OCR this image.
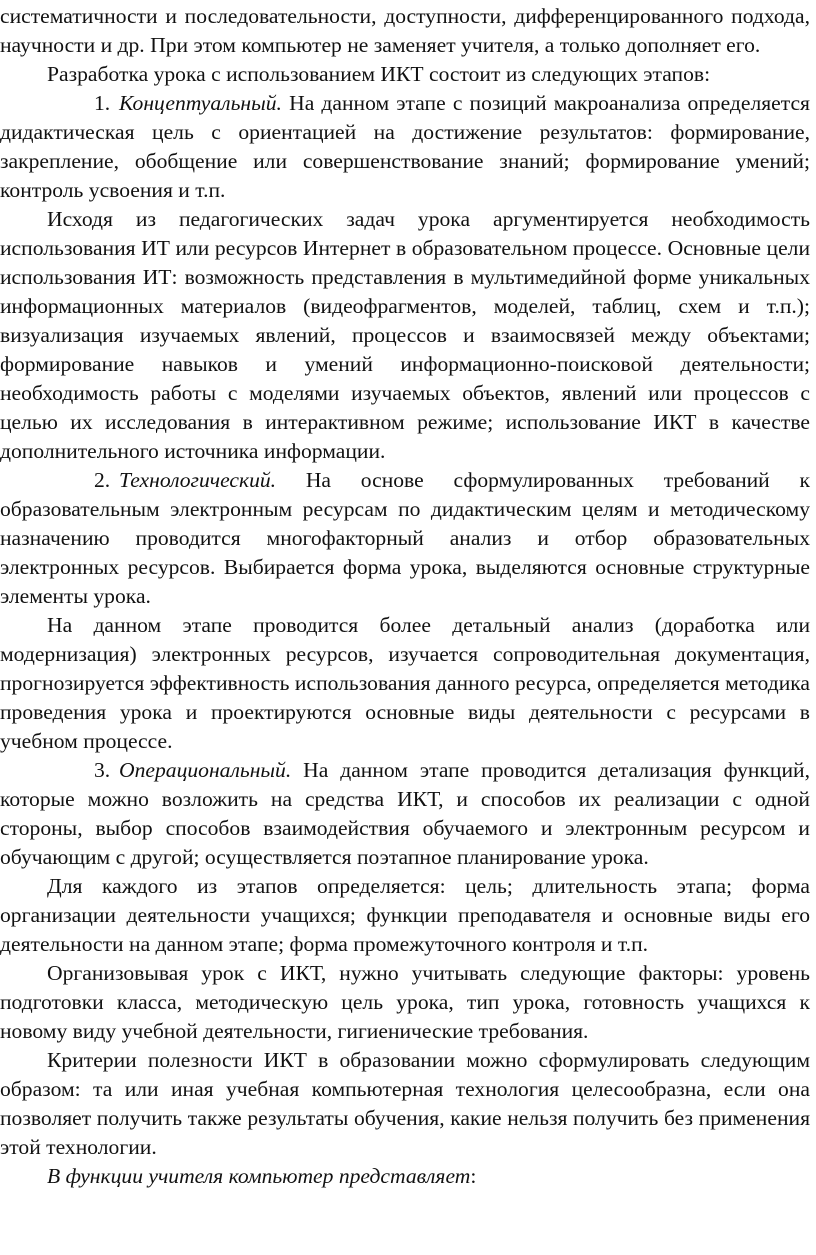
систематичности и последовательности, доступности, дифференцированного подхода, научности и др. При этом компьютер не заменяет учителя, а только дополняет его.

Разработка урока с использованием ИКТ состоит из следующих этапов:

1. Концептуальный. На данном этапе с позиций макроанализа определяется дидактическая цель с ориентацией на достижение результатов: формирование, закрепление, обобщение или совершенствование знаний; формирование умений; контроль усвоения и т.п.

Исходя из педагогических задач урока аргументируется необходимость использования ИТ или ресурсов Интернет в образовательном процессе. Основные цели использования ИТ: возможность представления в мультимедийной форме уникальных информационных материалов (видеофрагментов, моделей, таблиц, схем и т.п.); визуализация изучаемых явлений, процессов и взаимосвязей между объектами; формирование навыков и умений информационно-поисковой деятельности; необходимость работы с моделями изучаемых объектов, явлений или процессов с целью их исследования в интерактивном режиме; использование ИКТ в качестве дополнительного источника информации.

2. Технологический. На основе сформулированных требований к образовательным электронным ресурсам по дидактическим целям и методическому назначению проводится многофакторный анализ и отбор образовательных электронных ресурсов. Выбирается форма урока, выделяются основные структурные элементы урока.

На данном этапе проводится более детальный анализ (доработка или модернизация) электронных ресурсов, изучается сопроводительная документация, прогнозируется эффективность использования данного ресурса, определяется методика проведения урока и проектируются основные виды деятельности с ресурсами в учебном процессе.

3. Операциональный. На данном этапе проводится детализация функций, которые можно возложить на средства ИКТ, и способов их реализации с одной стороны, выбор способов взаимодействия обучаемого и электронным ресурсом и обучающим с другой; осуществляется поэтапное планирование урока.

Для каждого из этапов определяется: цель; длительность этапа; форма организации деятельности учащихся; функции преподавателя и основные виды его деятельности на данном этапе; форма промежуточного контроля и т.п.

Организовывая урок с ИКТ, нужно учитывать следующие факторы: уровень подготовки класса, методическую цель урока, тип урока, готовность учащихся к новому виду учебной деятельности, гигиенические требования.

Критерии полезности ИКТ в образовании можно сформулировать следующим образом: та или иная учебная компьютерная технология целесообразна, если она позволяет получить также результаты обучения, какие нельзя получить без применения этой технологии.

В функции учителя компьютер представляет:
